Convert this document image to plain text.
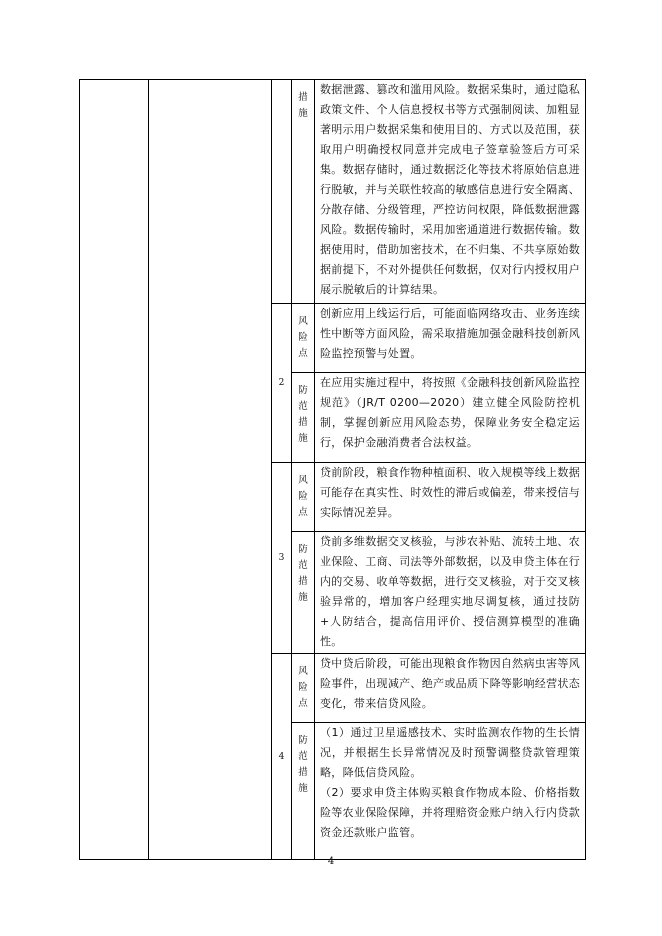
			措施	数据泄露、篡改和滥用风险。数据采集时，通过隐私政策文件、个人信息授权书等方式强制阅读、加粗显著明示用户数据采集和使用目的、方式以及范围，获取用户明确授权同意并完成电子签章验签后方可采集。数据存储时，通过数据泛化等技术将原始信息进行脱敏，并与关联性较高的敏感信息进行安全隔离、分散存储、分级管理，严控访问权限，降低数据泄露风险。数据传输时，采用加密通道进行数据传输。数据使用时，借助加密技术，在不归集、不共享原始数据前提下，不对外提供任何数据，仅对行内授权用户展示脱敏后的计算结果。

		2	风险点	创新应用上线运行后，可能面临网络攻击、业务连续性中断等方面风险，需采取措施加强金融科技创新风险监控预警与处置。

			防范措施	在应用实施过程中，将按照《金融科技创新风险监控规范》（JR/T 0200—2020）建立健全风险防控机制，掌握创新应用风险态势，保障业务安全稳定运行，保护金融消费者合法权益。

		3	风险点	贷前阶段，粮食作物种植面积、收入规模等线上数据可能存在真实性、时效性的滞后或偏差，带来授信与实际情况差异。

			防范措施	贷前多维数据交叉核验，与涉农补贴、流转土地、农业保险、工商、司法等外部数据，以及申贷主体在行内的交易、收单等数据，进行交叉核验，对于交叉核验异常的，增加客户经理实地尽调复核，通过技防+人防结合，提高信用评价、授信测算模型的准确性。

		4	风险点	贷中贷后阶段，可能出现粮食作物因自然病虫害等风险事件，出现减产、绝产或品质下降等影响经营状态变化，带来信贷风险。

			防范措施	（1）通过卫星遥感技术、实时监测农作物的生长情况，并根据生长异常情况及时预警调整贷款管理策略，降低信贷风险。

（2）要求申贷主体购买粮食作物成本险、价格指数险等农业保险保障，并将理赔资金账户纳入行内贷款资金还款账户监管。

4
